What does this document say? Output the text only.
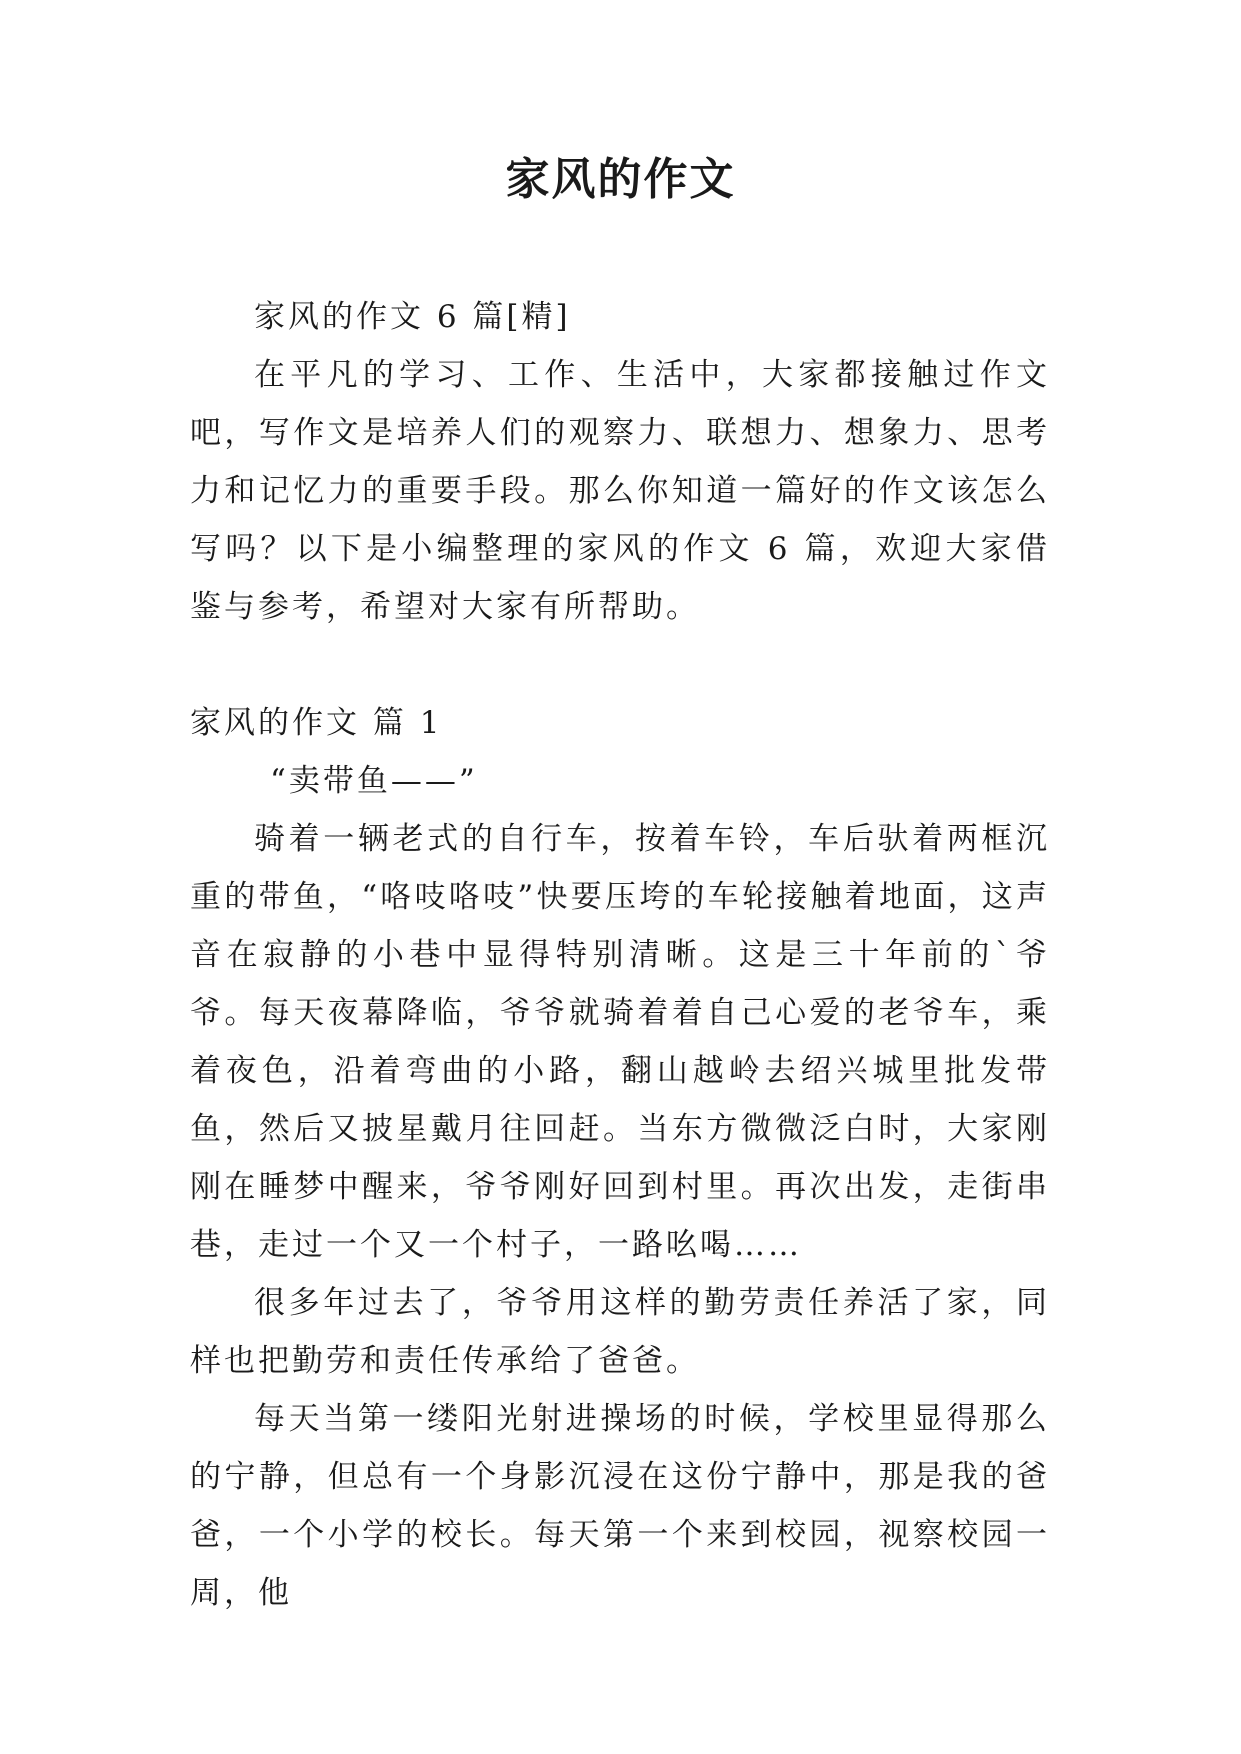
家风的作文

家风的作文 6 篇[精]

在平凡的学习、工作、生活中，大家都接触过作文吧，写作文是培养人们的观察力、联想力、想象力、思考力和记忆力的重要手段。那么你知道一篇好的作文该怎么写吗？以下是小编整理的家风的作文 6 篇，欢迎大家借鉴与参考，希望对大家有所帮助。

家风的作文 篇 1

“卖带鱼——”

骑着一辆老式的自行车，按着车铃，车后驮着两框沉重的带鱼，“咯吱咯吱”快要压垮的车轮接触着地面，这声音在寂静的小巷中显得特别清晰。这是三十年前的`爷爷。每天夜幕降临，爷爷就骑着着自己心爱的老爷车，乘着夜色，沿着弯曲的小路，翻山越岭去绍兴城里批发带鱼，然后又披星戴月往回赶。当东方微微泛白时，大家刚刚在睡梦中醒来，爷爷刚好回到村里。再次出发，走街串巷，走过一个又一个村子，一路吆喝……

很多年过去了，爷爷用这样的勤劳责任养活了家，同样也把勤劳和责任传承给了爸爸。

每天当第一缕阳光射进操场的时候，学校里显得那么的宁静，但总有一个身影沉浸在这份宁静中，那是我的爸爸，一个小学的校长。每天第一个来到校园，视察校园一周，他
